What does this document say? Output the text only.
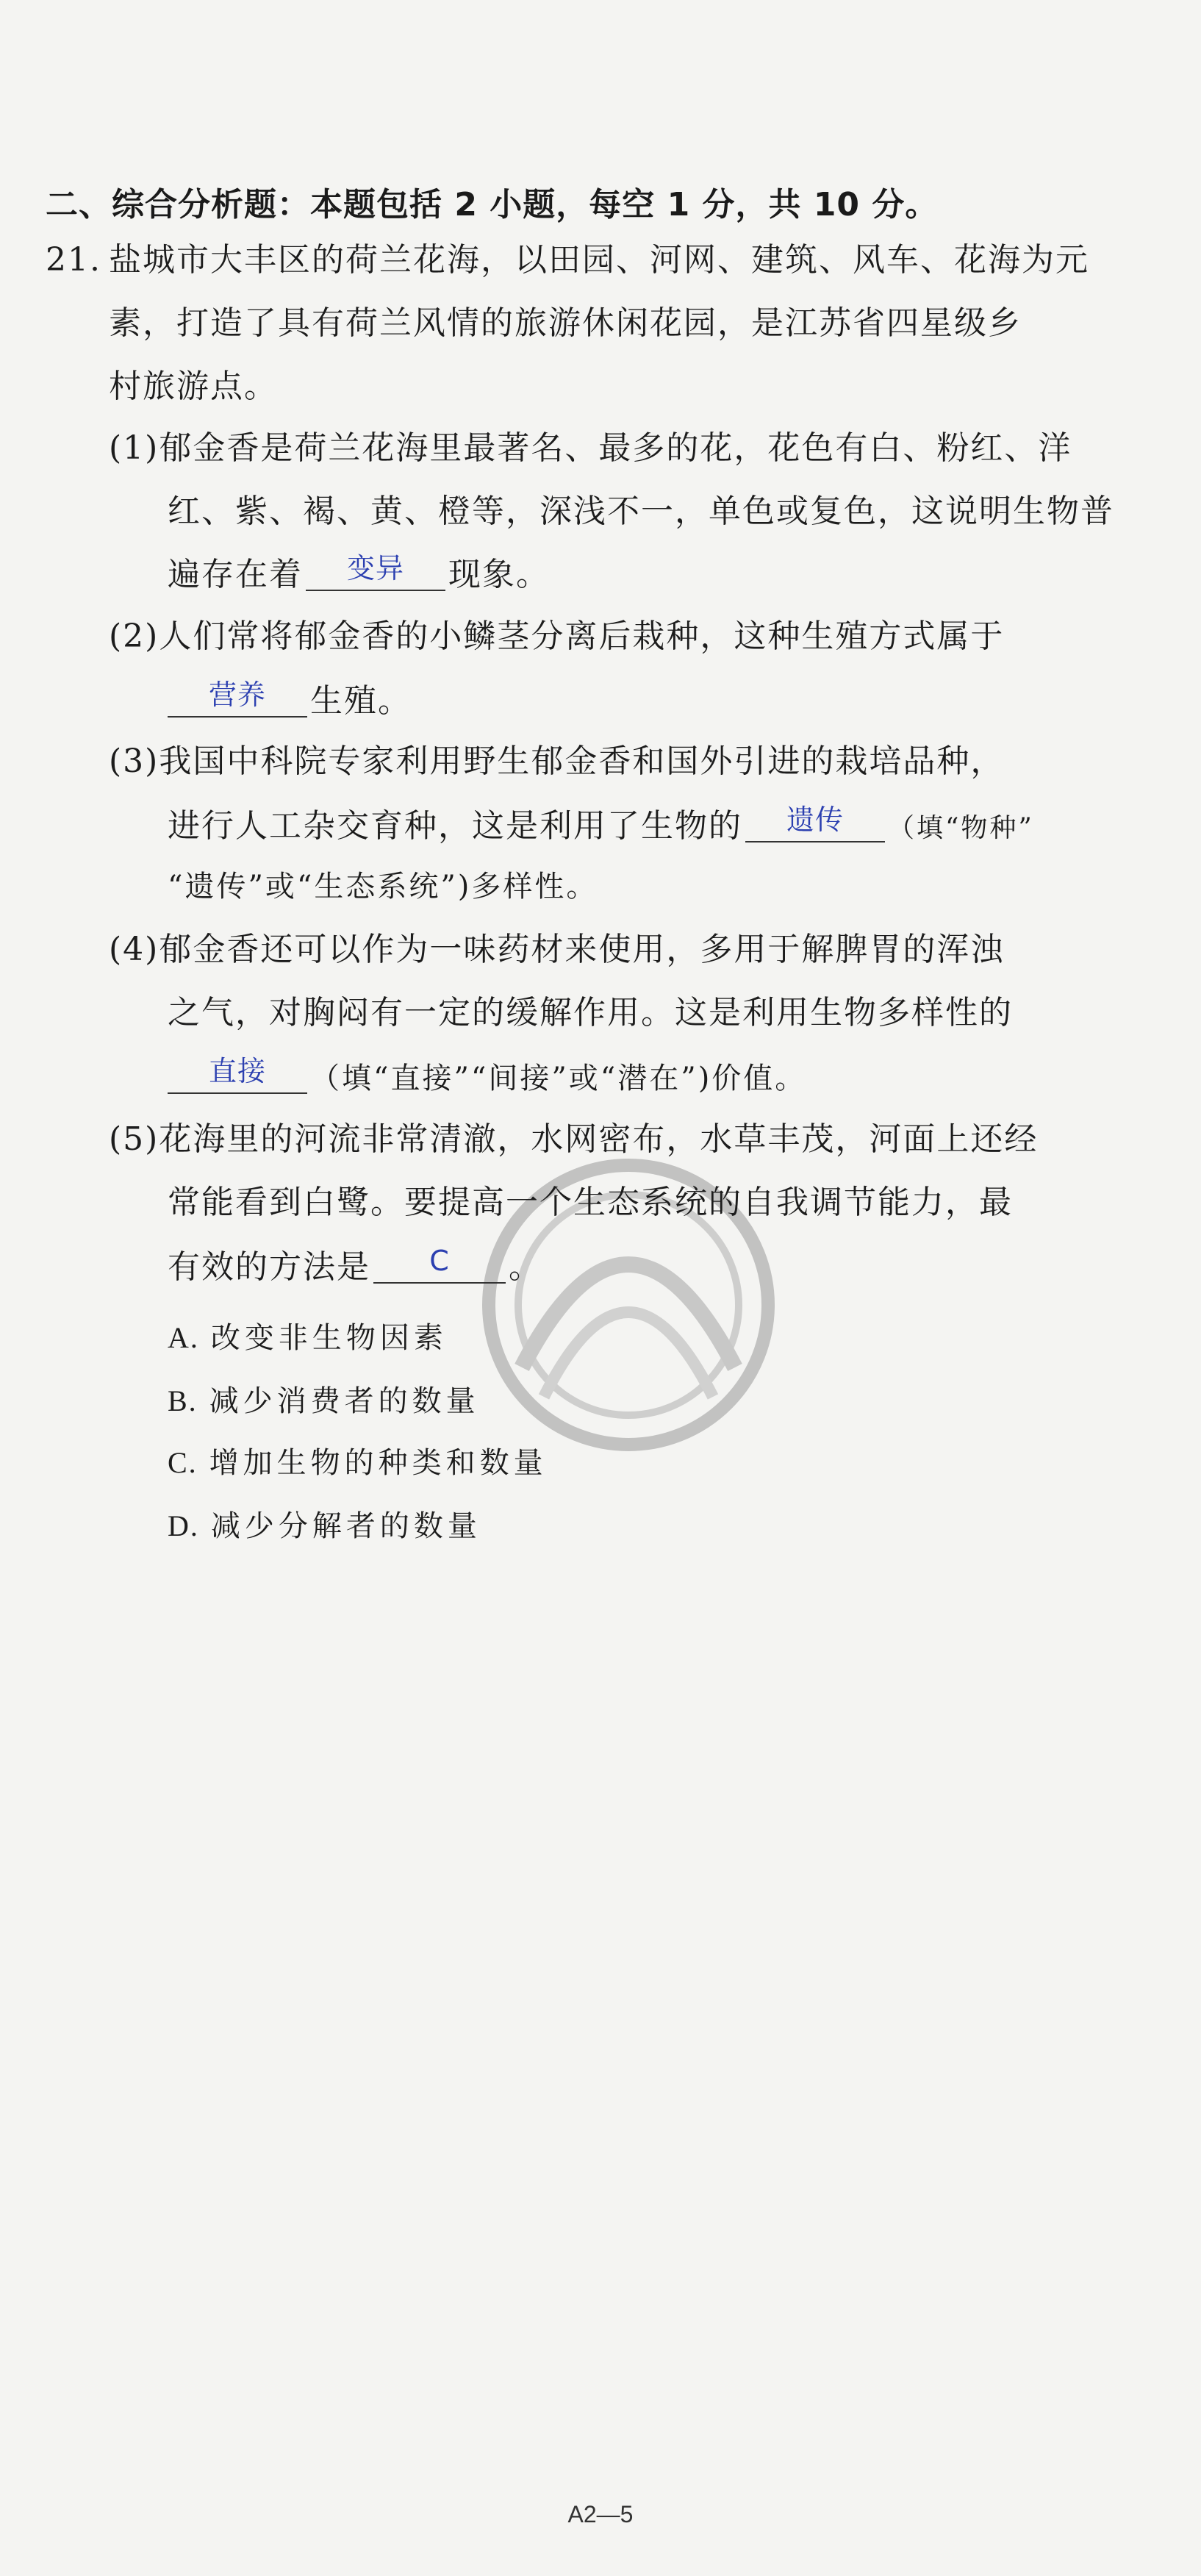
二、综合分析题：本题包括 2 小题，每空 1 分，共 10 分。
21. 盐城市大丰区的荷兰花海，以田园、河网、建筑、风车、花海为元
素，打造了具有荷兰风情的旅游休闲花园，是江苏省四星级乡
村旅游点。
(1)郁金香是荷兰花海里最著名、最多的花，花色有白、粉红、洋
红、紫、褐、黄、橙等，深浅不一，单色或复色，这说明生物普
遍存在着	变异	现象。
(2)人们常将郁金香的小鳞茎分离后栽种，这种生殖方式属于
营养	生殖。
(3)我国中科院专家利用野生郁金香和国外引进的栽培品种，
进行人工杂交育种，这是利用了生物的	遗传	（填“物种”
“遗传”或“生态系统”)多样性。
(4)郁金香还可以作为一味药材来使用，多用于解脾胃的浑浊
之气，对胸闷有一定的缓解作用。这是利用生物多样性的
直接	（填“直接”“间接”或“潜在”)价值。
(5)花海里的河流非常清澈，水网密布，水草丰茂，河面上还经
常能看到白鹭。要提高一个生态系统的自我调节能力，最
有效的方法是	C	。
A. 改变非生物因素
B. 减少消费者的数量
C. 增加生物的种类和数量
D. 减少分解者的数量
A2—5
